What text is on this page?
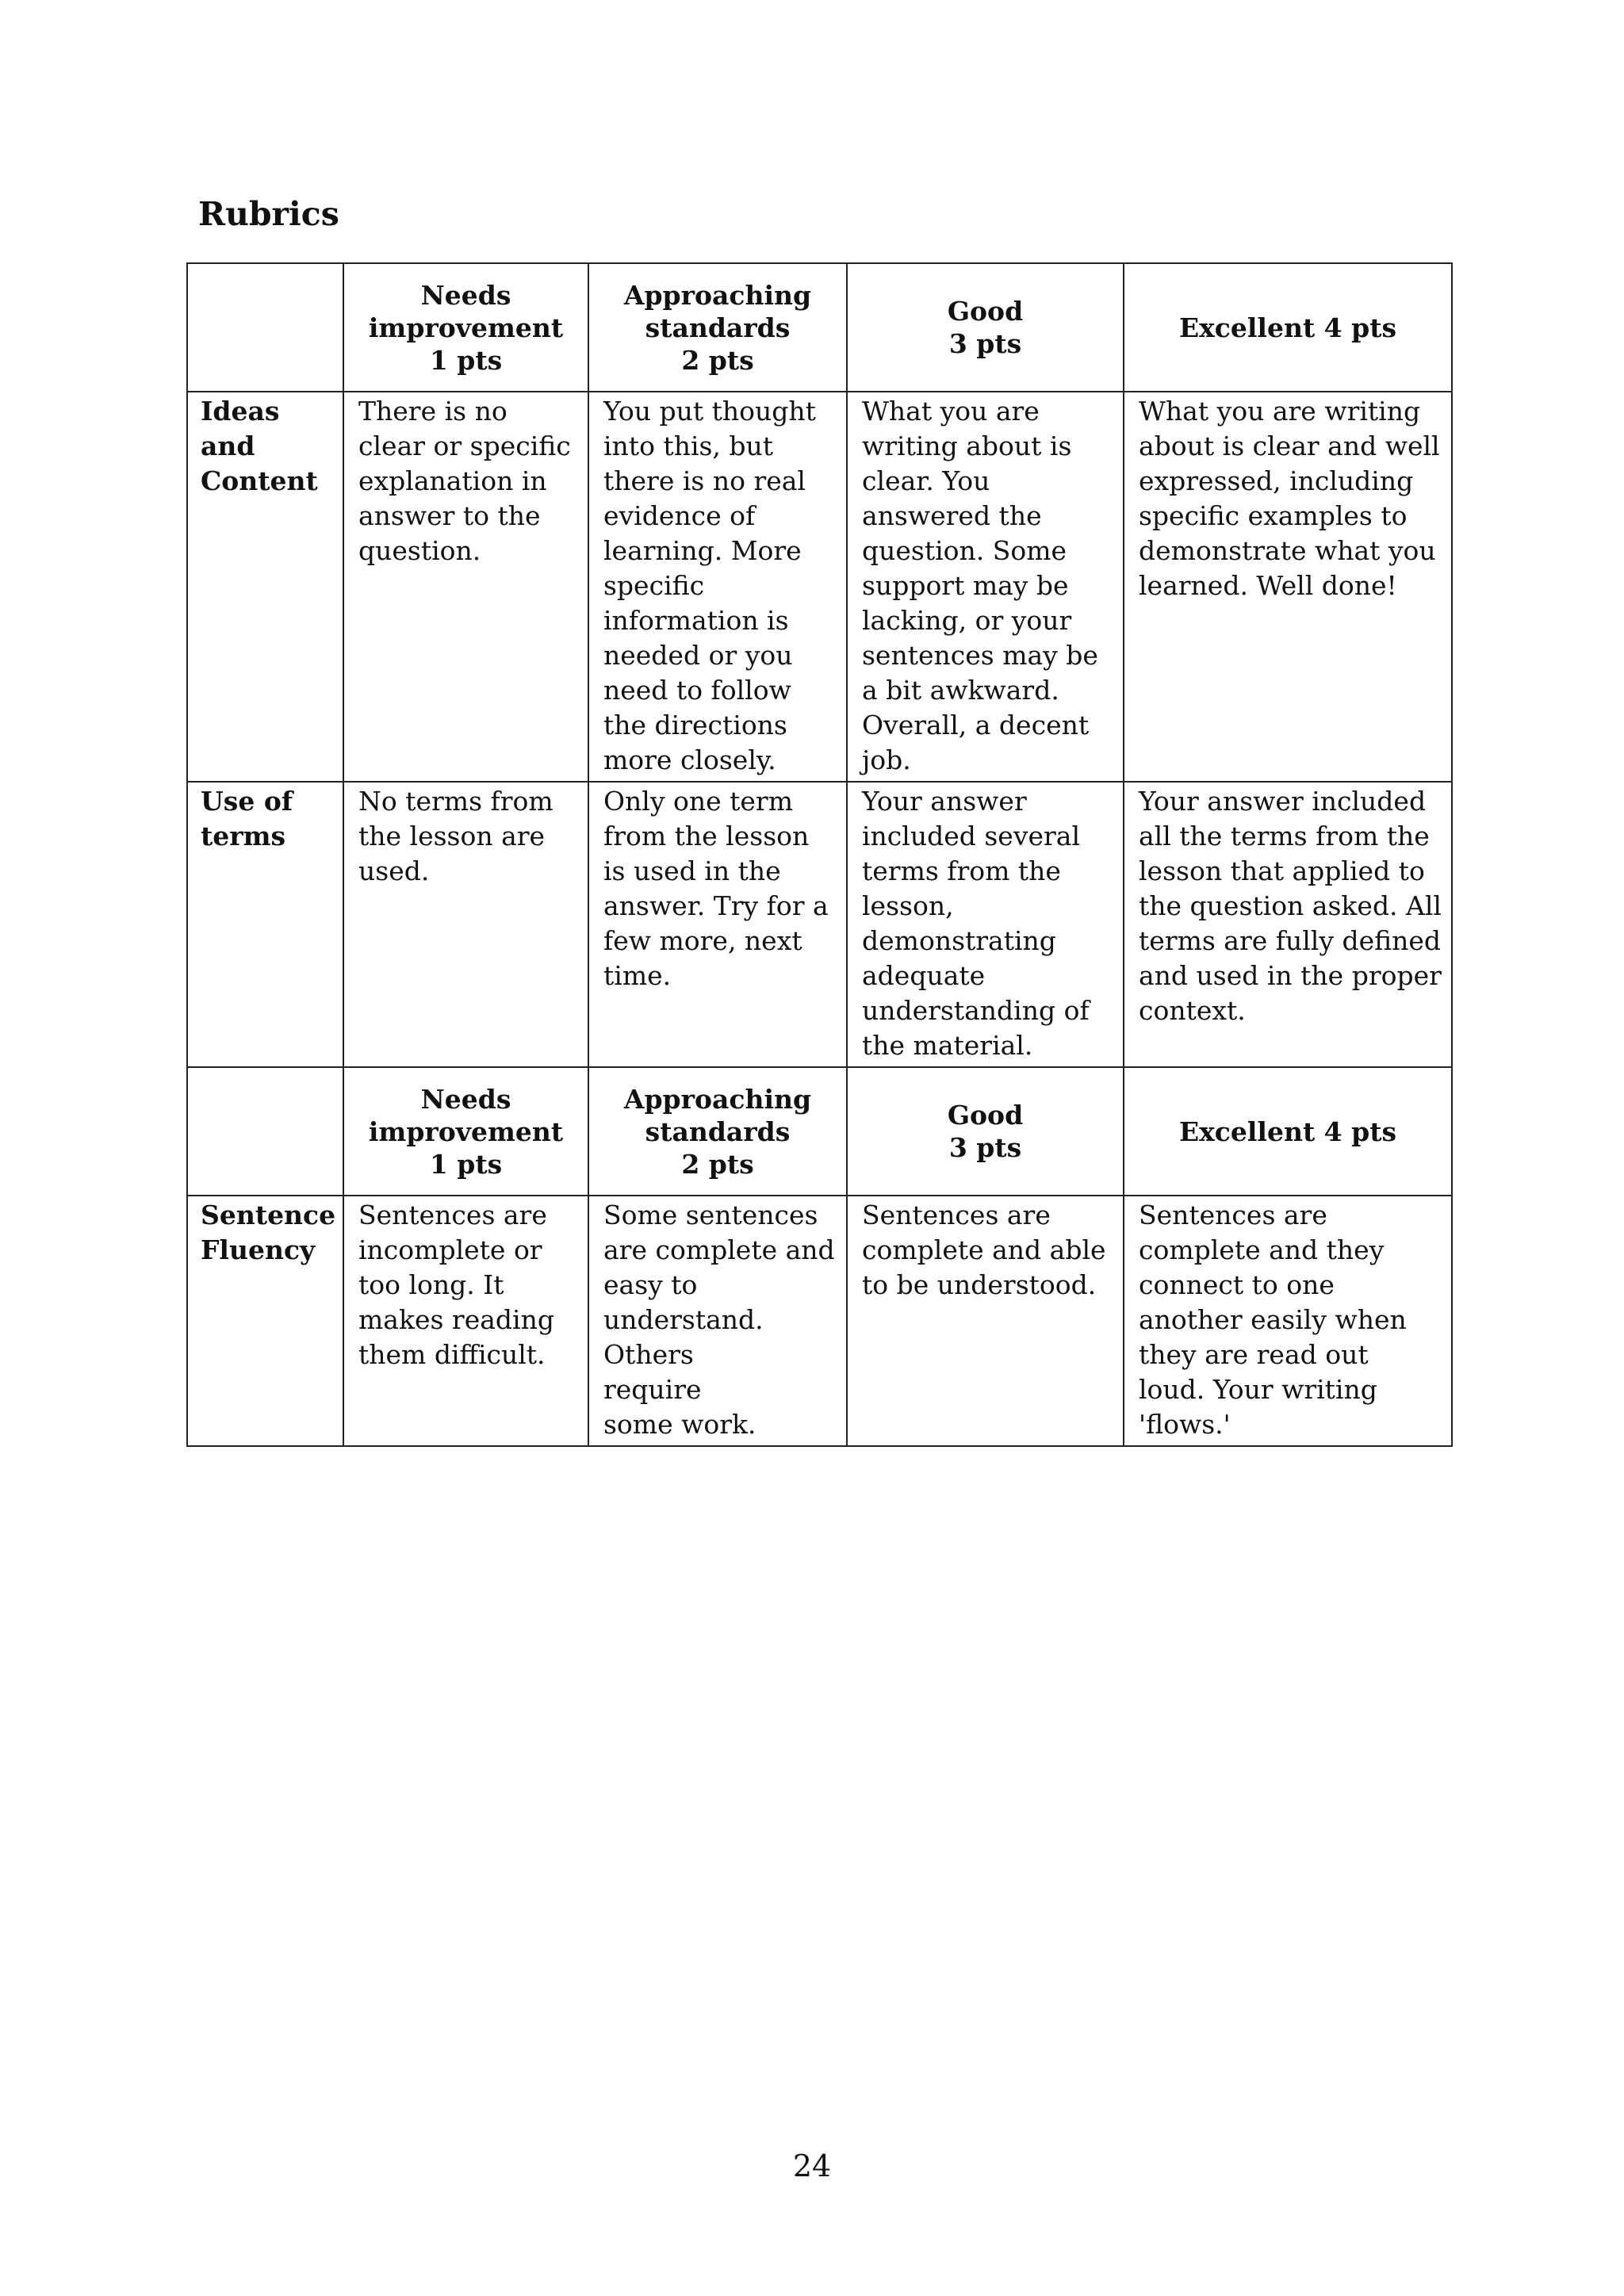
Rubrics
	Needs
improvement
1 pts	Approaching
standards
2 pts	Good
3 pts	Excellent 4 pts
Ideas
and
Content	There is no clear or specific explanation in answer to the question.	You put thought into this, but there is no real evidence of learning. More specific information is needed or you need to follow the directions more closely.	What you are writing about is clear. You answered the question. Some support may be lacking, or your sentences may be a bit awkward. Overall, a decent job.	What you are writing about is clear and well expressed, including specific examples to demonstrate what you learned. Well done!
Use of
terms	No terms from the lesson are used.	Only one term from the lesson is used in the answer. Try for a few more, next time.	Your answer included several terms from the lesson, demonstrating adequate understanding of the material.	Your answer included all the terms from the lesson that applied to the question asked. All terms are fully defined and used in the proper context.
	Needs
improvement
1 pts	Approaching
standards
2 pts	Good
3 pts	Excellent 4 pts
Sentence
Fluency	Sentences are incomplete or too long. It makes reading them difficult.	Some sentences are complete and easy to understand. Others
require
some work.	Sentences are complete and able to be understood.	Sentences are complete and they connect to one another easily when they are read out loud. Your writing 'flows.'
24
